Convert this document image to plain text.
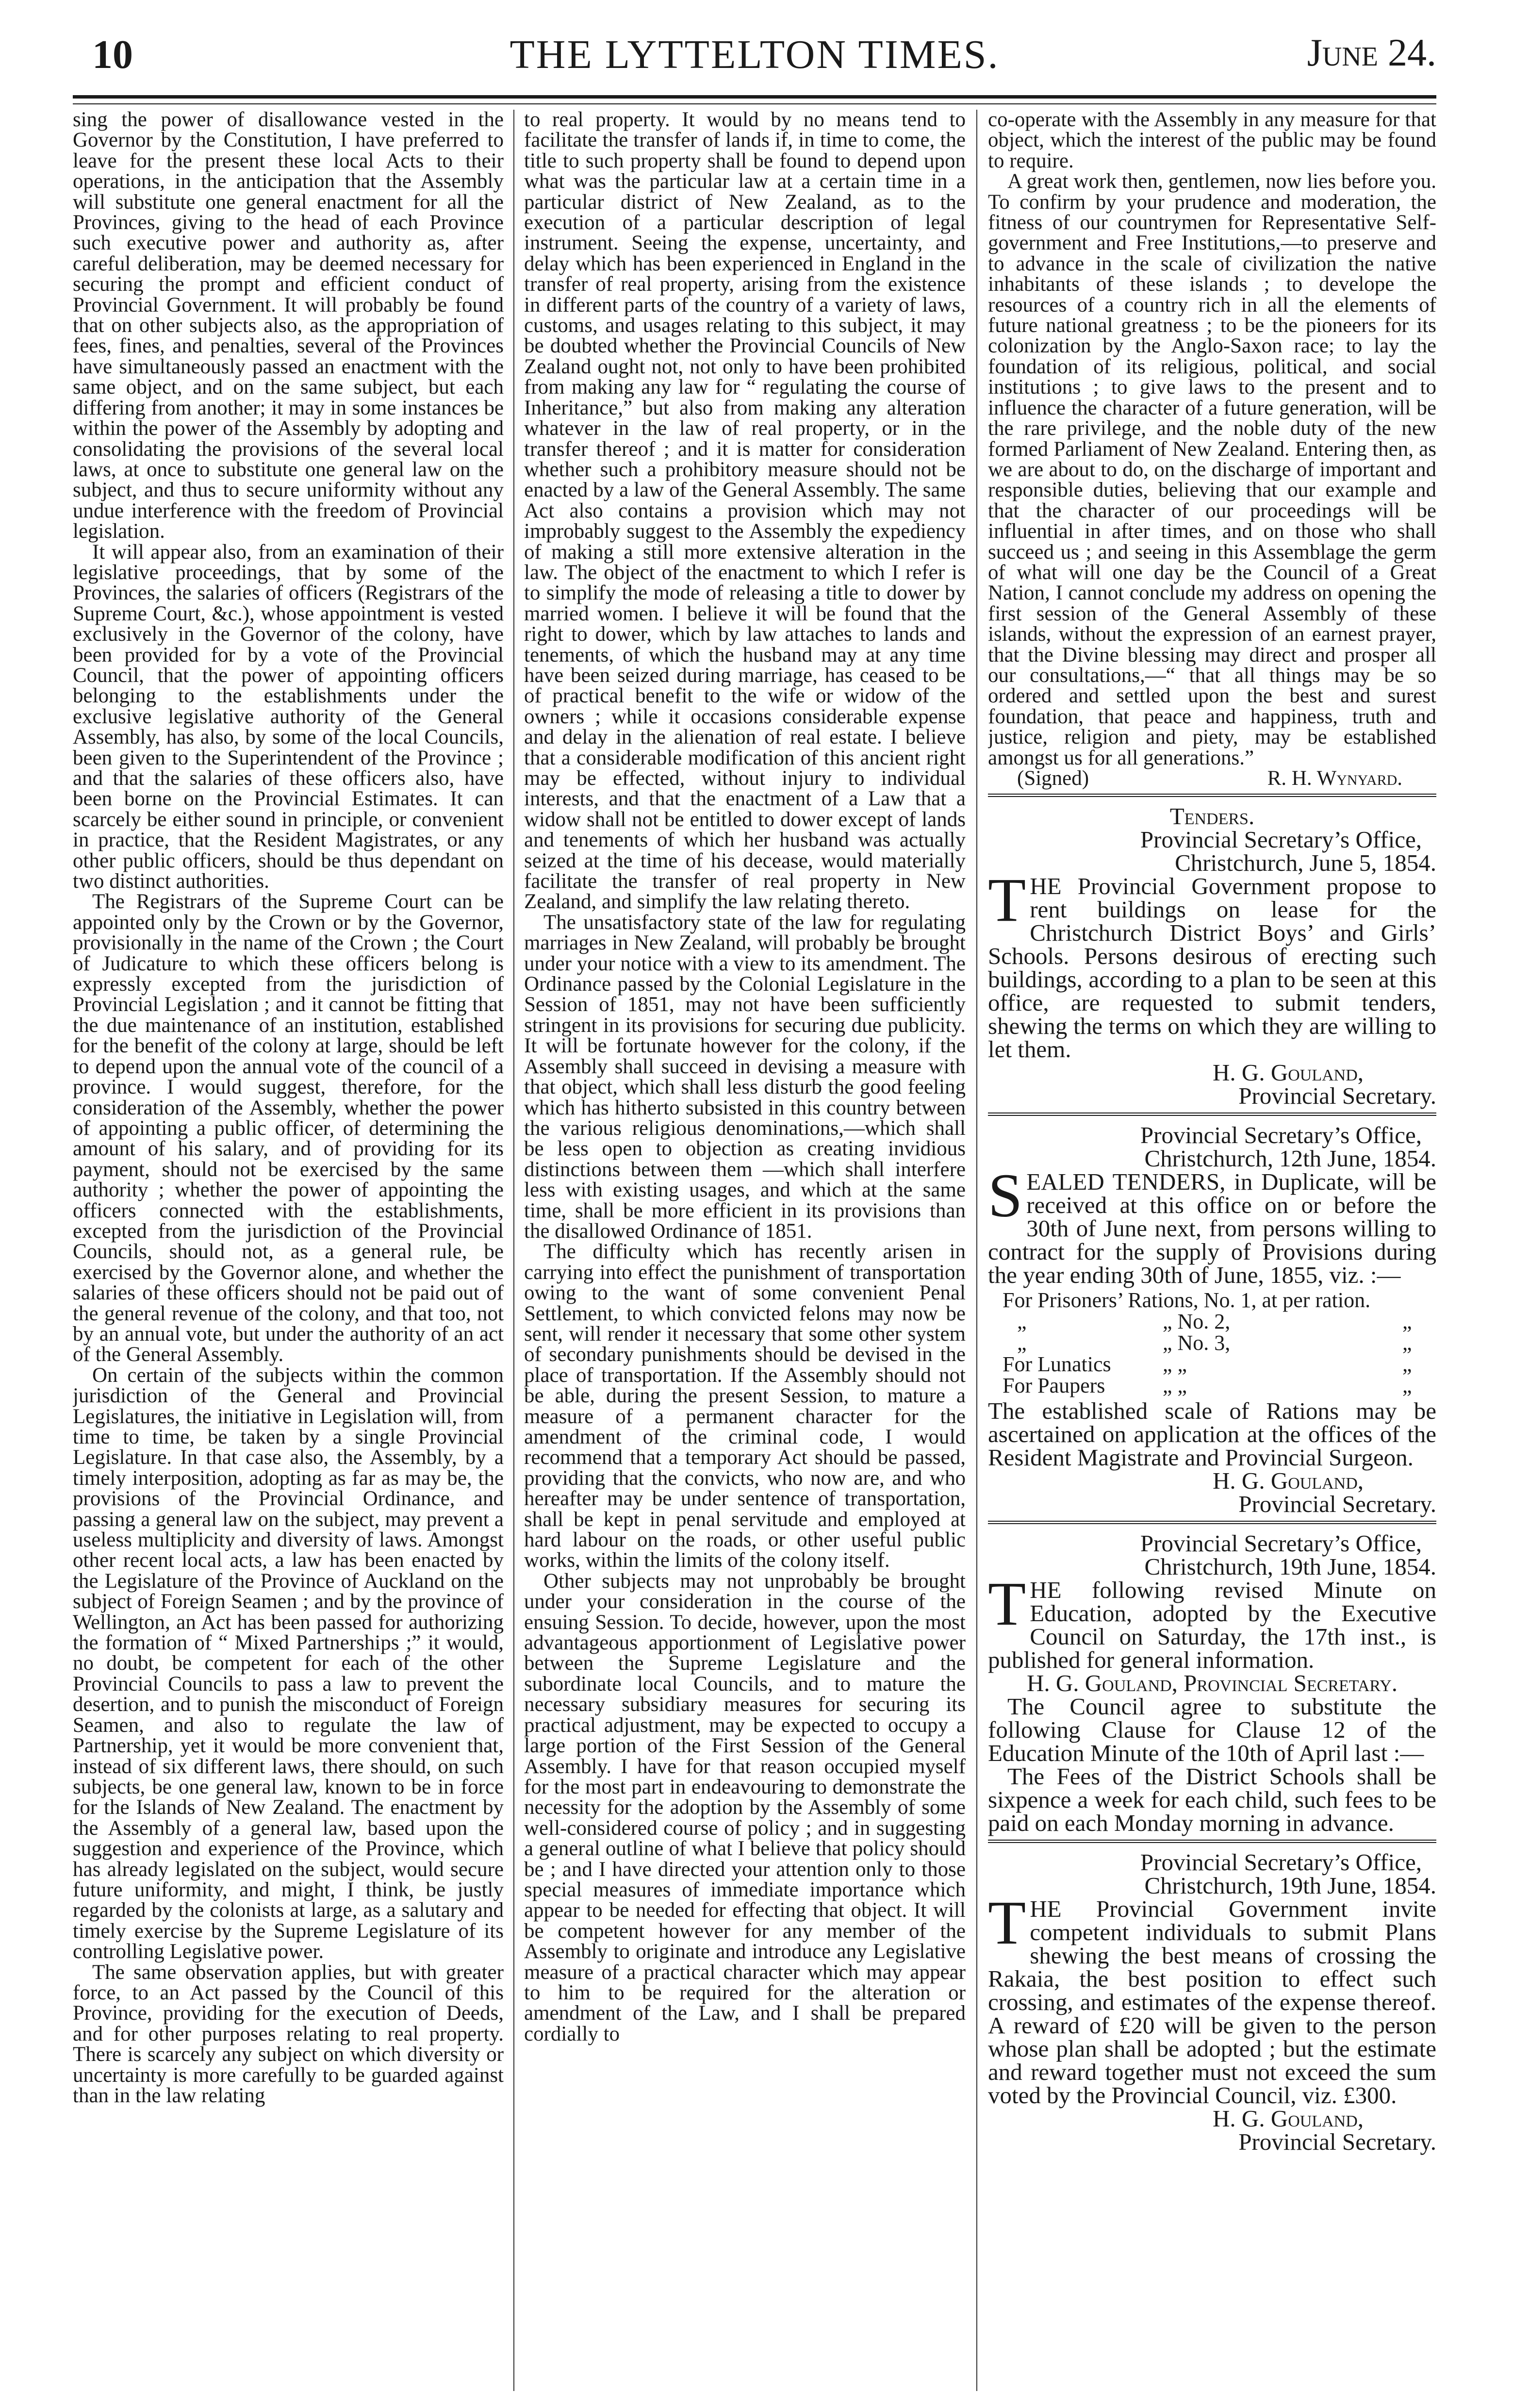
10	THE LYTTELTON TIMES.	June 24.

sing the power of disallowance vested in the Governor by the Constitution, I have preferred to leave for the present these local Acts to their operations, in the anticipation that the Assembly will substitute one general enactment for all the Provinces, giving to the head of each Province such executive power and authority as, after careful deliberation, may be deemed necessary for securing the prompt and efficient conduct of Provincial Government. It will probably be found that on other subjects also, as the appropriation of fees, fines, and penalties, several of the Provinces have simultaneously passed an enactment with the same object, and on the same subject, but each differing from another; it may in some instances be within the power of the Assembly by adopting and consolidating the provisions of the several local laws, at once to substitute one general law on the subject, and thus to secure uniformity without any undue interference with the freedom of Provincial legislation.

It will appear also, from an examination of their legislative proceedings, that by some of the Provinces, the salaries of officers (Registrars of the Supreme Court, &c.), whose appointment is vested exclusively in the Governor of the colony, have been provided for by a vote of the Provincial Council, that the power of appointing officers belonging to the establishments under the exclusive legislative authority of the General Assembly, has also, by some of the local Councils, been given to the Superintendent of the Province ; and that the salaries of these officers also, have been borne on the Provincial Estimates. It can scarcely be either sound in principle, or convenient in practice, that the Resident Magistrates, or any other public officers, should be thus dependant on two distinct authorities.

The Registrars of the Supreme Court can be appointed only by the Crown or by the Governor, provisionally in the name of the Crown ; the Court of Judicature to which these officers belong is expressly excepted from the jurisdiction of Provincial Legislation ; and it cannot be fitting that the due maintenance of an institution, established for the benefit of the colony at large, should be left to depend upon the annual vote of the council of a province. I would suggest, therefore, for the consideration of the Assembly, whether the power of appointing a public officer, of determining the amount of his salary, and of providing for its payment, should not be exercised by the same authority ; whether the power of appointing the officers connected with the establishments, excepted from the jurisdiction of the Provincial Councils, should not, as a general rule, be exercised by the Governor alone, and whether the salaries of these officers should not be paid out of the general revenue of the colony, and that too, not by an annual vote, but under the authority of an act of the General Assembly.

On certain of the subjects within the common jurisdiction of the General and Provincial Legislatures, the initiative in Legislation will, from time to time, be taken by a single Provincial Legislature. In that case also, the Assembly, by a timely interposition, adopting as far as may be, the provisions of the Provincial Ordinance, and passing a general law on the subject, may prevent a useless multiplicity and diversity of laws. Amongst other recent local acts, a law has been enacted by the Legislature of the Province of Auckland on the subject of Foreign Seamen ; and by the province of Wellington, an Act has been passed for authorizing the formation of “ Mixed Partnerships ;” it would, no doubt, be competent for each of the other Provincial Councils to pass a law to prevent the desertion, and to punish the misconduct of Foreign Seamen, and also to regulate the law of Partnership, yet it would be more convenient that, instead of six different laws, there should, on such subjects, be one general law, known to be in force for the Islands of New Zealand. The enactment by the Assembly of a general law, based upon the suggestion and experience of the Province, which has already legislated on the subject, would secure future uniformity, and might, I think, be justly regarded by the colonists at large, as a salutary and timely exercise by the Supreme Legislature of its controlling Legislative power.

The same observation applies, but with greater force, to an Act passed by the Council of this Province, providing for the execution of Deeds, and for other purposes relating to real property. There is scarcely any subject on which diversity or uncertainty is more carefully to be guarded against than in the law relating

to real property. It would by no means tend to facilitate the transfer of lands if, in time to come, the title to such property shall be found to depend upon what was the particular law at a certain time in a particular district of New Zealand, as to the execution of a particular description of legal instrument. Seeing the expense, uncertainty, and delay which has been experienced in England in the transfer of real property, arising from the existence in different parts of the country of a variety of laws, customs, and usages relating to this subject, it may be doubted whether the Provincial Councils of New Zealand ought not, not only to have been prohibited from making any law for “ regulating the course of Inheritance,” but also from making any alteration whatever in the law of real property, or in the transfer thereof ; and it is matter for consideration whether such a prohibitory measure should not be enacted by a law of the General Assembly. The same Act also contains a provision which may not improbably suggest to the Assembly the expediency of making a still more extensive alteration in the law. The object of the enactment to which I refer is to simplify the mode of releasing a title to dower by married women. I believe it will be found that the right to dower, which by law attaches to lands and tenements, of which the husband may at any time have been seized during marriage, has ceased to be of practical benefit to the wife or widow of the owners ; while it occasions considerable expense and delay in the alienation of real estate. I believe that a considerable modification of this ancient right may be effected, without injury to individual interests, and that the enactment of a Law that a widow shall not be entitled to dower except of lands and tenements of which her husband was actually seized at the time of his decease, would materially facilitate the transfer of real property in New Zealand, and simplify the law relating thereto.

The unsatisfactory state of the law for regulating marriages in New Zealand, will probably be brought under your notice with a view to its amendment. The Ordinance passed by the Colonial Legislature in the Session of 1851, may not have been sufficiently stringent in its provisions for securing due publicity. It will be fortunate however for the colony, if the Assembly shall succeed in devising a measure with that object, which shall less disturb the good feeling which has hitherto subsisted in this country between the various religious denominations,—which shall be less open to objection as creating invidious distinctions between them —which shall interfere less with existing usages, and which at the same time, shall be more efficient in its provisions than the disallowed Ordinance of 1851.

The difficulty which has recently arisen in carrying into effect the punishment of transportation owing to the want of some convenient Penal Settlement, to which convicted felons may now be sent, will render it necessary that some other system of secondary punishments should be devised in the place of transportation. If the Assembly should not be able, during the present Session, to mature a measure of a permanent character for the amendment of the criminal code, I would recommend that a temporary Act should be passed, providing that the convicts, who now are, and who hereafter may be under sentence of transportation, shall be kept in penal servitude and employed at hard labour on the roads, or other useful public works, within the limits of the colony itself.

Other subjects may not unprobably be brought under your consideration in the course of the ensuing Session. To decide, however, upon the most advantageous apportionment of Legislative power between the Supreme Legislature and the subordinate local Councils, and to mature the necessary subsidiary measures for securing its practical adjustment, may be expected to occupy a large portion of the First Session of the General Assembly. I have for that reason occupied myself for the most part in endeavouring to demonstrate the necessity for the adoption by the Assembly of some well-considered course of policy ; and in suggesting a general outline of what I believe that policy should be ; and I have directed your attention only to those special measures of immediate importance which appear to be needed for effecting that object. It will be competent however for any member of the Assembly to originate and introduce any Legislative measure of a practical character which may appear to him to be required for the alteration or amendment of the Law, and I shall be prepared cordially to

co-operate with the Assembly in any measure for that object, which the interest of the public may be found to require.

A great work then, gentlemen, now lies before you. To confirm by your prudence and moderation, the fitness of our countrymen for Representative Self-government and Free Institutions,—to preserve and to advance in the scale of civilization the native inhabitants of these islands ; to develope the resources of a country rich in all the elements of future national greatness ; to be the pioneers for its colonization by the Anglo-Saxon race; to lay the foundation of its religious, political, and social institutions ; to give laws to the present and to influence the character of a future generation, will be the rare privilege, and the noble duty of the new formed Parliament of New Zealand. Entering then, as we are about to do, on the discharge of important and responsible duties, believing that our example and that the character of our proceedings will be influential in after times, and on those who shall succeed us ; and seeing in this Assemblage the germ of what will one day be the Council of a Great Nation, I cannot conclude my address on opening the first session of the General Assembly of these islands, without the expression of an earnest prayer, that the Divine blessing may direct and prosper all our consultations,—“ that all things may be so ordered and settled upon the best and surest foundation, that peace and happiness, truth and justice, religion and piety, may be established amongst us for all generations.”

(Signed)	R. H. Wynyard.

Tenders.

Provincial Secretary’s Office,

Christchurch, June 5, 1854.

THE Provincial Government propose to rent buildings on lease for the Christchurch District Boys’ and Girls’ Schools. Persons desirous of erecting such buildings, according to a plan to be seen at this office, are requested to submit tenders, shewing the terms on which they are willing to let them.

H. G. Gouland,

Provincial Secretary.

Provincial Secretary’s Office,

Christchurch, 12th June, 1854.

SEALED TENDERS, in Duplicate, will be received at this office on or before the 30th of June next, from persons willing to contract for the supply of Provisions during the year ending 30th of June, 1855, viz. :—

For Prisoners’ Rations, No. 1, at per ration.
„	„ No. 2,	„
„	„ No. 3,	„
For Lunatics	„ „	„
For Paupers	„ „	„

The established scale of Rations may be ascertained on application at the offices of the Resident Magistrate and Provincial Surgeon.

H. G. Gouland,

Provincial Secretary.

Provincial Secretary’s Office,

Christchurch, 19th June, 1854.

THE following revised Minute on Education, adopted by the Executive Council on Saturday, the 17th inst., is published for general information.

H. G. Gouland, Provincial Secretary.

The Council agree to substitute the following Clause for Clause 12 of the Education Minute of the 10th of April last :—

The Fees of the District Schools shall be sixpence a week for each child, such fees to be paid on each Monday morning in advance.

Provincial Secretary’s Office,

Christchurch, 19th June, 1854.

THE Provincial Government invite competent individuals to submit Plans shewing the best means of crossing the Rakaia, the best position to effect such crossing, and estimates of the expense thereof. A reward of £20 will be given to the person whose plan shall be adopted ; but the estimate and reward together must not exceed the sum voted by the Provincial Council, viz. £300.

H. G. Gouland,

Provincial Secretary.
